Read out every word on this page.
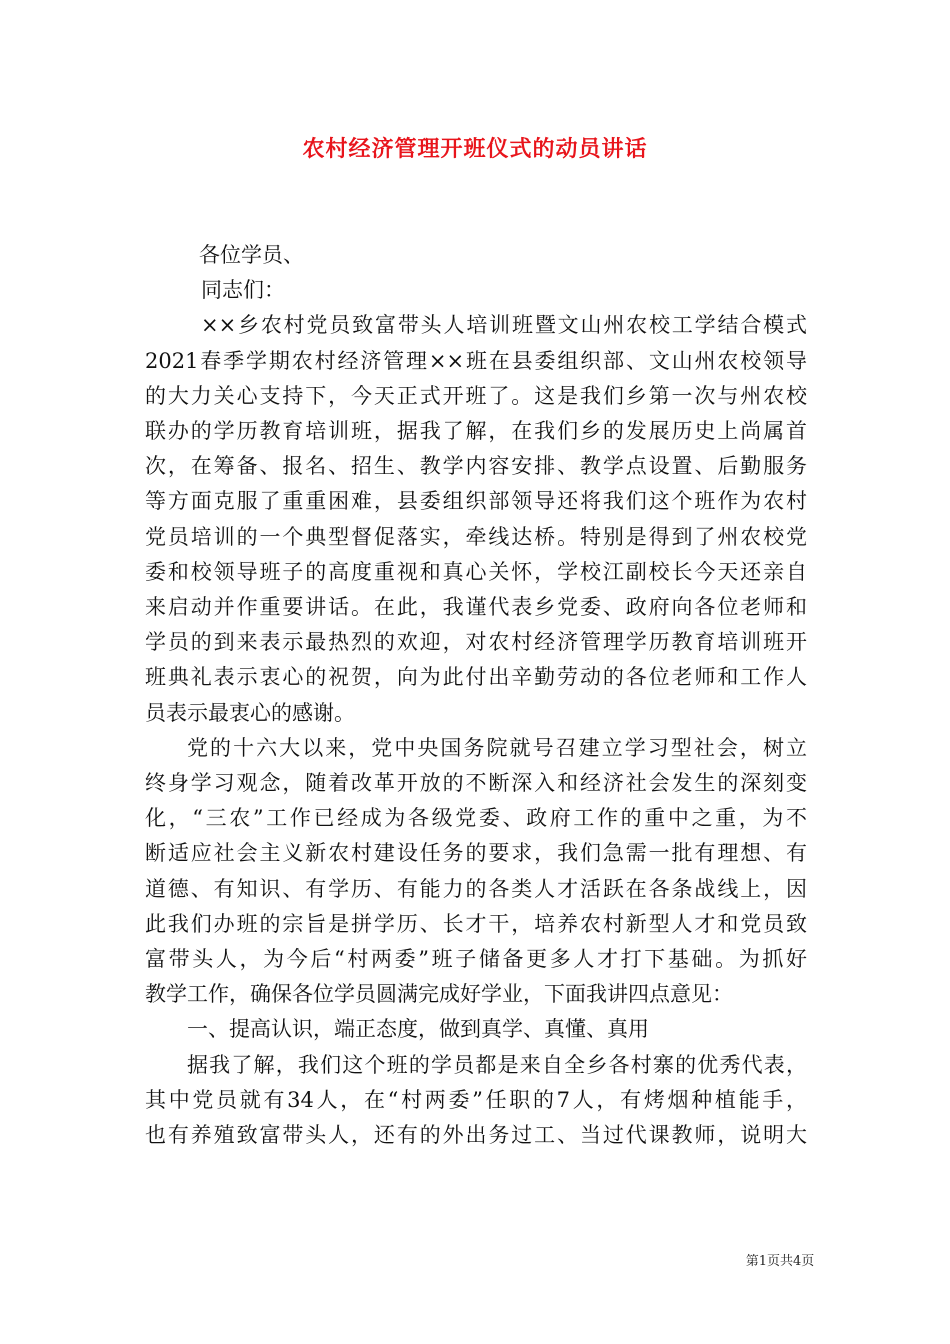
农村经济管理开班仪式的动员讲话
各位学员、
同志们：
××乡农村党员致富带头人培训班暨文山州农校工学结合模式
2021春季学期农村经济管理××班在县委组织部、文山州农校领导
的大力关心支持下，今天正式开班了。这是我们乡第一次与州农校
联办的学历教育培训班，据我了解，在我们乡的发展历史上尚属首
次，在筹备、报名、招生、教学内容安排、教学点设置、后勤服务
等方面克服了重重困难，县委组织部领导还将我们这个班作为农村
党员培训的一个典型督促落实，牵线达桥。特别是得到了州农校党
委和校领导班子的高度重视和真心关怀，学校江副校长今天还亲自
来启动并作重要讲话。在此，我谨代表乡党委、政府向各位老师和
学员的到来表示最热烈的欢迎，对农村经济管理学历教育培训班开
班典礼表示衷心的祝贺，向为此付出辛勤劳动的各位老师和工作人
员表示最衷心的感谢。
党的十六大以来，党中央国务院就号召建立学习型社会，树立
终身学习观念，随着改革开放的不断深入和经济社会发生的深刻变
化，“三农”工作已经成为各级党委、政府工作的重中之重，为不
断适应社会主义新农村建设任务的要求，我们急需一批有理想、有
道德、有知识、有学历、有能力的各类人才活跃在各条战线上，因
此我们办班的宗旨是拼学历、长才干，培养农村新型人才和党员致
富带头人，为今后“村两委”班子储备更多人才打下基础。为抓好
教学工作，确保各位学员圆满完成好学业，下面我讲四点意见：
一、提高认识，端正态度，做到真学、真懂、真用
据我了解，我们这个班的学员都是来自全乡各村寨的优秀代表，
其中党员就有34人，在“村两委”任职的7人，有烤烟种植能手，
也有养殖致富带头人，还有的外出务过工、当过代课教师，说明大
第1页共4页
